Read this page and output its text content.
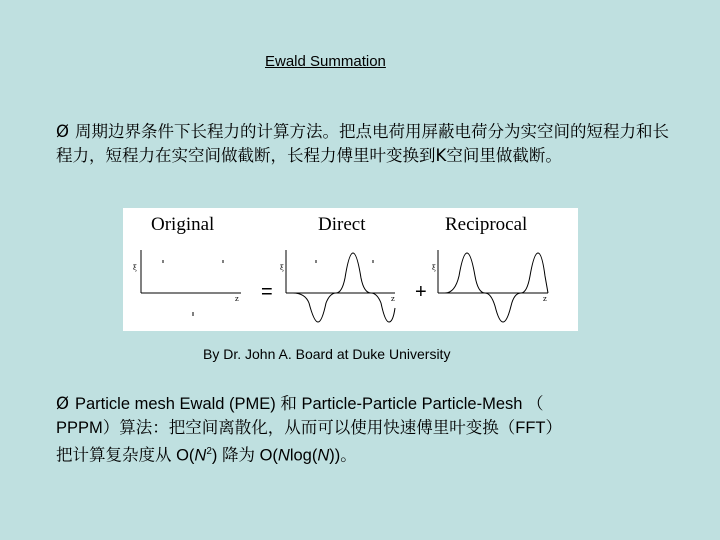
Ewald Summation
Ø 周期边界条件下长程力的计算方法。把点电荷用屏蔽电荷分为实空间的短程力和长程力，短程力在实空间做截断，长程力傅里叶变换到K空间里做截断。
Original	Direct	Reciprocal
=	+
ξ
z
ξ
z
ξ
z
By Dr. John A. Board at Duke University
Ø Particle mesh Ewald (PME) 和 Particle-Particle Particle-Mesh （
PPPM）算法：把空间离散化，从而可以使用快速傅里叶变换（FFT）
把计算复杂度从 $O(N^2)$ 降为 O(Nlog(N))。
